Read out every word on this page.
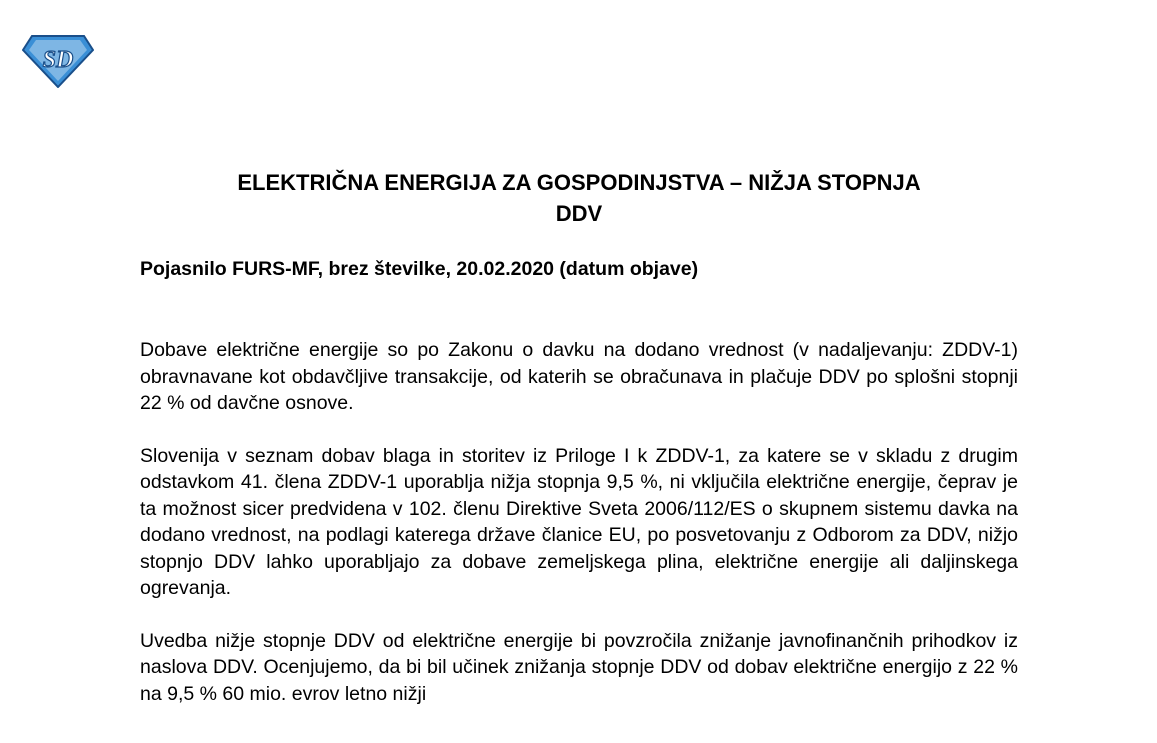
SD
ELEKTRIČNA ENERGIJA ZA GOSPODINJSTVA – NIŽJA STOPNJA
DDV

Pojasnilo FURS-MF, brez številke, 20.02.2020 (datum objave)

Dobave električne energije so po Zakonu o davku na dodano vrednost (v nadaljevanju: ZDDV-1) obravnavane kot obdavčljive transakcije, od katerih se obračunava in plačuje DDV po splošni stopnji 22 % od davčne osnove.

Slovenija v seznam dobav blaga in storitev iz Priloge I k ZDDV-1, za katere se v skladu z drugim odstavkom 41. člena ZDDV-1 uporablja nižja stopnja 9,5 %, ni vključila električne energije, čeprav je ta možnost sicer predvidena v 102. členu Direktive Sveta 2006/112/ES o skupnem sistemu davka na dodano vrednost, na podlagi katerega države članice EU, po posvetovanju z Odborom za DDV, nižjo stopnjo DDV lahko uporabljajo za dobave zemeljskega plina, električne energije ali daljinskega ogrevanja.

Uvedba nižje stopnje DDV od električne energije bi povzročila znižanje javnofinančnih prihodkov iz naslova DDV. Ocenjujemo, da bi bil učinek znižanja stopnje DDV od dobav električne energijo z 22 % na 9,5 % 60 mio. evrov letno nižji
